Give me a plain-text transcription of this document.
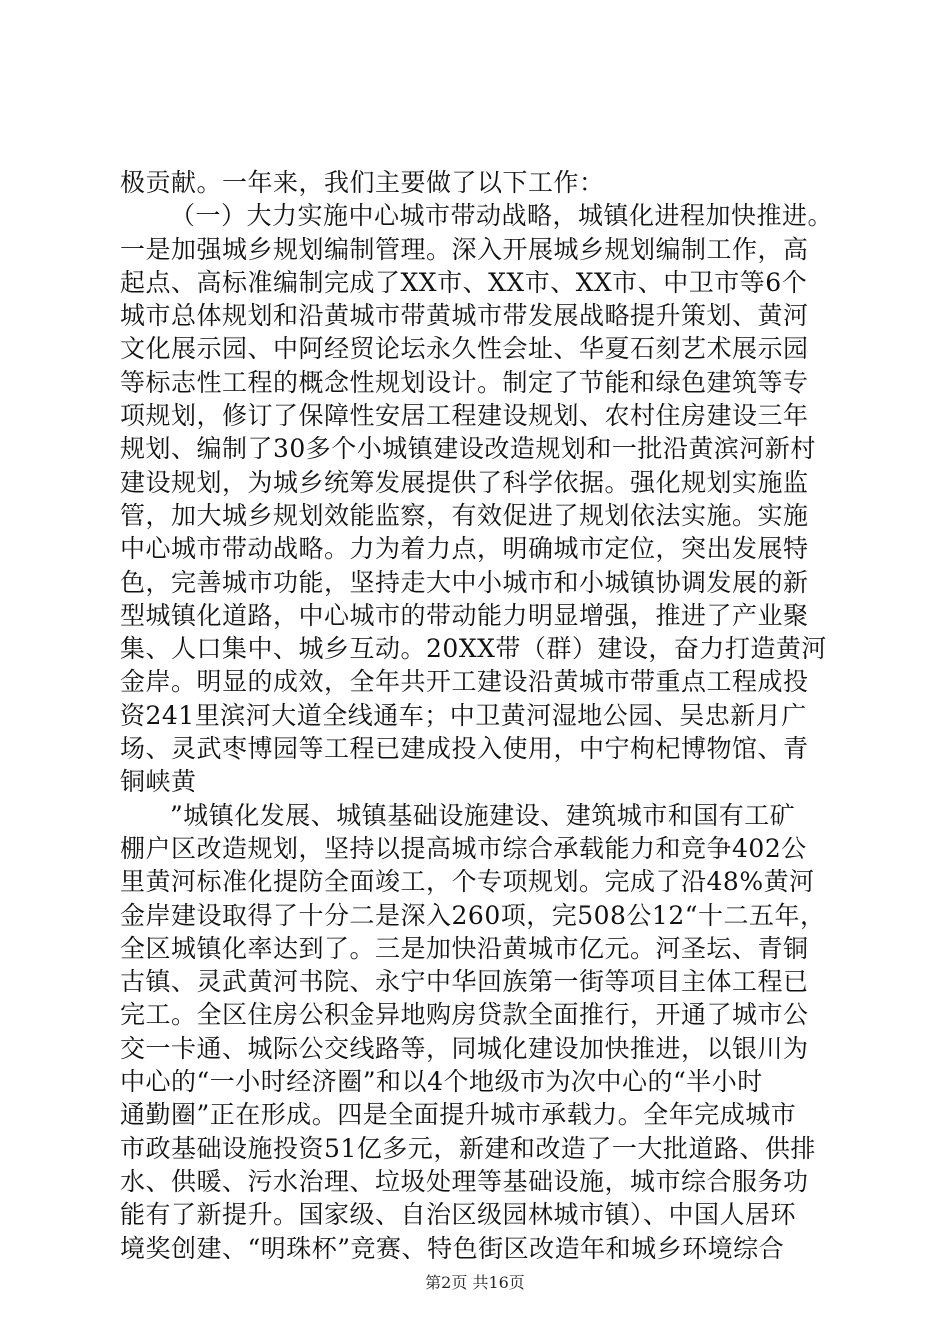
极贡献。一年来，我们主要做了以下工作：
（一）大力实施中心城市带动战略，城镇化进程加快推进。
一是加强城乡规划编制管理。深入开展城乡规划编制工作，高
起点、高标准编制完成了XX市、XX市、XX市、中卫市等6个
城市总体规划和沿黄城市带黄城市带发展战略提升策划、黄河
文化展示园、中阿经贸论坛永久性会址、华夏石刻艺术展示园
等标志性工程的概念性规划设计。制定了节能和绿色建筑等专
项规划，修订了保障性安居工程建设规划、农村住房建设三年
规划、编制了30多个小城镇建设改造规划和一批沿黄滨河新村
建设规划，为城乡统筹发展提供了科学依据。强化规划实施监
管，加大城乡规划效能监察，有效促进了规划依法实施。实施
中心城市带动战略。力为着力点，明确城市定位，突出发展特
色，完善城市功能，坚持走大中小城市和小城镇协调发展的新
型城镇化道路，中心城市的带动能力明显增强，推进了产业聚
集、人口集中、城乡互动。20XX带（群）建设，奋力打造黄河
金岸。明显的成效，全年共开工建设沿黄城市带重点工程成投
资241里滨河大道全线通车；中卫黄河湿地公园、吴忠新月广
场、灵武枣博园等工程已建成投入使用，中宁枸杞博物馆、青
铜峡黄
”城镇化发展、城镇基础设施建设、建筑城市和国有工矿
棚户区改造规划，坚持以提高城市综合承载能力和竞争402公
里黄河标准化提防全面竣工，个专项规划。完成了沿48%黄河
金岸建设取得了十分二是深入260项，完508公12“十二五年，
全区城镇化率达到了。三是加快沿黄城市亿元。河圣坛、青铜
古镇、灵武黄河书院、永宁中华回族第一街等项目主体工程已
完工。全区住房公积金异地购房贷款全面推行，开通了城市公
交一卡通、城际公交线路等，同城化建设加快推进，以银川为
中心的“一小时经济圈”和以4个地级市为次中心的“半小时
通勤圈”正在形成。四是全面提升城市承载力。全年完成城市
市政基础设施投资51亿多元，新建和改造了一大批道路、供排
水、供暖、污水治理、垃圾处理等基础设施，城市综合服务功
能有了新提升。国家级、自治区级园林城市镇）、中国人居环
境奖创建、“明珠杯”竞赛、特色街区改造年和城乡环境综合
第2页 共16页
